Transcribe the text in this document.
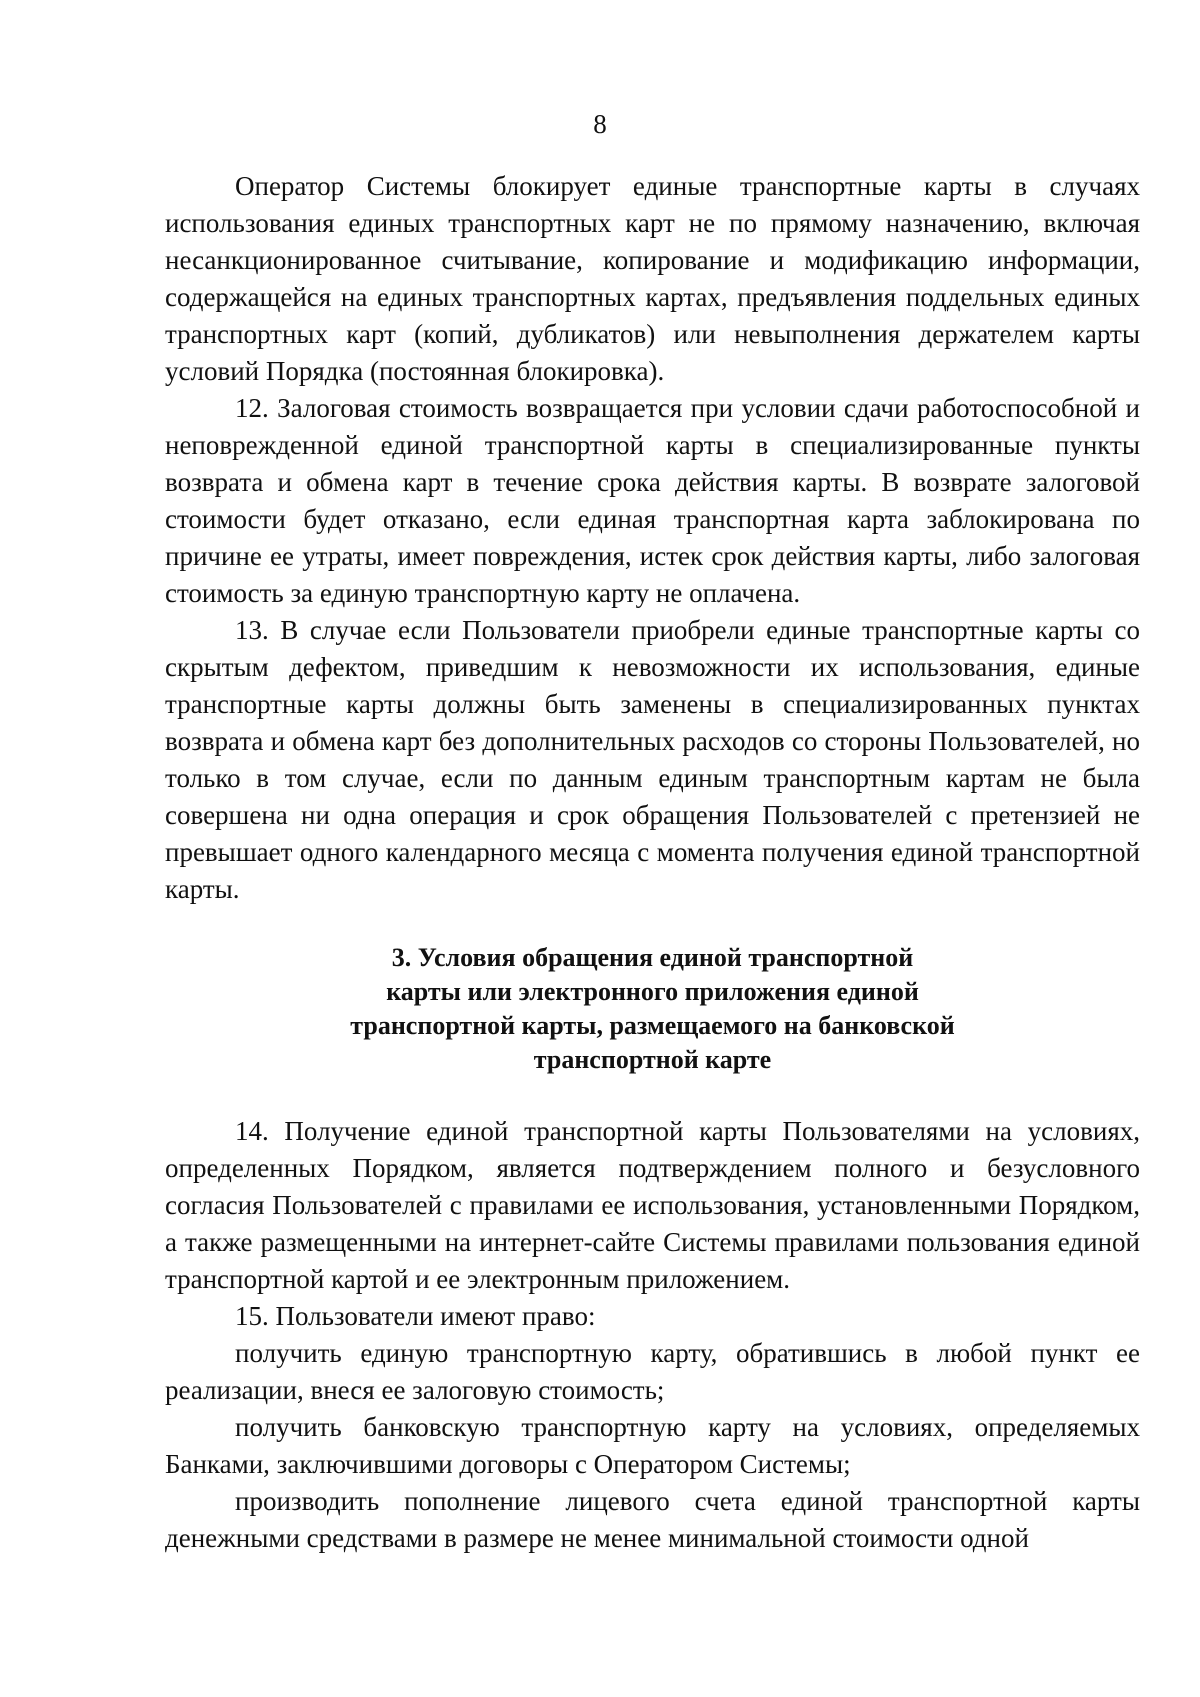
8

Оператор Системы блокирует единые транспортные карты в случаях использования единых транспортных карт не по прямому назначению, включая несанкционированное считывание, копирование и модификацию информации, содержащейся на единых транспортных картах, предъявления поддельных единых транспортных карт (копий, дубликатов) или невыполнения держателем карты условий Порядка (постоянная блокировка).

12. Залоговая стоимость возвращается при условии сдачи работоспособной и неповрежденной единой транспортной карты в специализированные пункты возврата и обмена карт в течение срока действия карты. В возврате залоговой стоимости будет отказано, если единая транспортная карта заблокирована по причине ее утраты, имеет повреждения, истек срок действия карты, либо залоговая стоимость за единую транспортную карту не оплачена.

13. В случае если Пользователи приобрели единые транспортные карты со скрытым дефектом, приведшим к невозможности их использования, единые транспортные карты должны быть заменены в специализированных пунктах возврата и обмена карт без дополнительных расходов со стороны Пользователей, но только в том случае, если по данным единым транспортным картам не была совершена ни одна операция и срок обращения Пользователей с претензией не превышает одного календарного месяца с момента получения единой транспортной карты.

3. Условия обращения единой транспортной
карты или электронного приложения единой
транспортной карты, размещаемого на банковской
транспортной карте

14. Получение единой транспортной карты Пользователями на условиях, определенных Порядком, является подтверждением полного и безусловного согласия Пользователей с правилами ее использования, установленными Порядком, а также размещенными на интернет-сайте Системы правилами пользования единой транспортной картой и ее электронным приложением.

15. Пользователи имеют право:

получить единую транспортную карту, обратившись в любой пункт ее реализации, внеся ее залоговую стоимость;

получить банковскую транспортную карту на условиях, определяемых Банками, заключившими договоры с Оператором Системы;

производить пополнение лицевого счета единой транспортной карты денежными средствами в размере не менее минимальной стоимости одной
